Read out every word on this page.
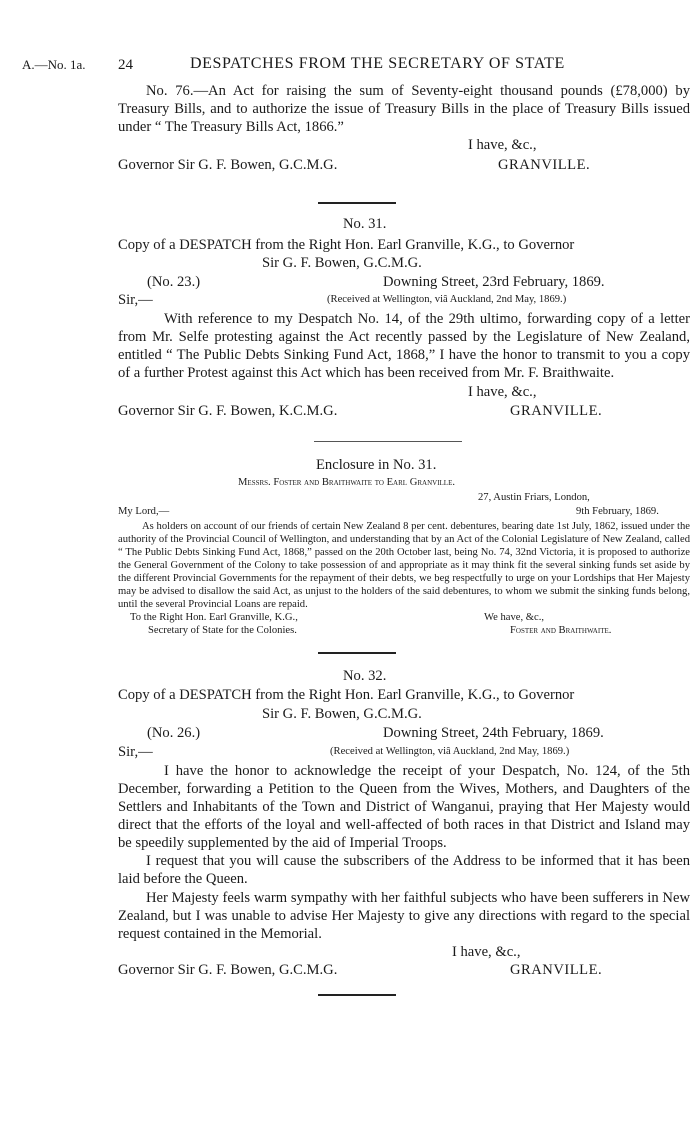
A.—No. 1a. 24	DESPATCHES FROM THE SECRETARY OF STATE
No. 76.—An Act for raising the sum of Seventy-eight thousand pounds (£78,000) by Treasury Bills, and to authorize the issue of Treasury Bills in the place of Treasury Bills issued under “ The Treasury Bills Act, 1866.”
I have, &c.,
Governor Sir G. F. Bowen, G.C.M.G.	GRANVILLE.
No. 31.
Copy of a DESPATCH from the Right Hon. Earl Granville, K.G., to Governor
Sir G. F. Bowen, G.C.M.G.
(No. 23.)	Downing Street, 23rd February, 1869.
Sir,—	(Received at Wellington, viâ Auckland, 2nd May, 1869.)
With reference to my Despatch No. 14, of the 29th ultimo, forwarding copy of a letter from Mr. Selfe protesting against the Act recently passed by the Legislature of New Zealand, entitled “ The Public Debts Sinking Fund Act, 1868,” I have the honor to transmit to you a copy of a further Protest against this Act which has been received from Mr. F. Braithwaite.
I have, &c.,
Governor Sir G. F. Bowen, K.C.M.G.	GRANVILLE.
Enclosure in No. 31.
Messrs. Foster and Braithwaite to Earl Granville.
27, Austin Friars, London,
My Lord,—	9th February, 1869.
As holders on account of our friends of certain New Zealand 8 per cent. debentures, bearing date 1st July, 1862, issued under the authority of the Provincial Council of Wellington, and understanding that by an Act of the Colonial Legislature of New Zealand, called “ The Public Debts Sinking Fund Act, 1868,” passed on the 20th October last, being No. 74, 32nd Victoria, it is proposed to authorize the General Government of the Colony to take possession of and appropriate as it may think fit the several sinking funds set aside by the different Provincial Governments for the repayment of their debts, we beg respectfully to urge on your Lordships that Her Majesty may be advised to disallow the said Act, as unjust to the holders of the said debentures, to whom we submit the sinking funds belong, until the several Provincial Loans are repaid.
To the Right Hon. Earl Granville, K.G.,	We have, &c.,
Secretary of State for the Colonies.	Foster and Braithwaite.
No. 32.
Copy of a DESPATCH from the Right Hon. Earl Granville, K.G., to Governor
Sir G. F. Bowen, G.C.M.G.
(No. 26.)	Downing Street, 24th February, 1869.
Sir,—	(Received at Wellington, viâ Auckland, 2nd May, 1869.)
I have the honor to acknowledge the receipt of your Despatch, No. 124, of the 5th December, forwarding a Petition to the Queen from the Wives, Mothers, and Daughters of the Settlers and Inhabitants of the Town and District of Wanganui, praying that Her Majesty would direct that the efforts of the loyal and well-affected of both races in that District and Island may be speedily supplemented by the aid of Imperial Troops.
I request that you will cause the subscribers of the Address to be informed that it has been laid before the Queen.
Her Majesty feels warm sympathy with her faithful subjects who have been sufferers in New Zealand, but I was unable to advise Her Majesty to give any directions with regard to the special request contained in the Memorial.
I have, &c.,
Governor Sir G. F. Bowen, G.C.M.G.	GRANVILLE.
